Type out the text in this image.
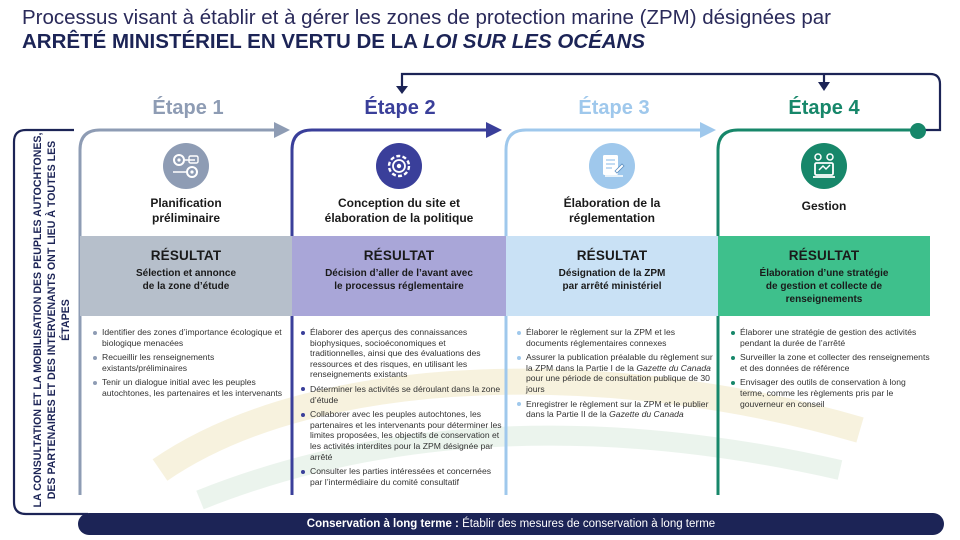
Processus visant à établir et à gérer les zones de protection marine (ZPM) désignées par
ARRÊTÉ MINISTÉRIEL EN VERTU DE LA LOI SUR LES OCÉANS
Étape 1	Étape 2	Étape 3	Étape 4
Planification
préliminaire
Conception du site et
élaboration de la politique
Élaboration de la
réglementation
Gestion
RÉSULTAT
Sélection et annonce
de la zone d’étude
RÉSULTAT
Décision d’aller de l’avant avec
le processus réglementaire
RÉSULTAT
Désignation de la ZPM
par arrêté ministériel
RÉSULTAT
Élaboration d’une stratégie
de gestion et collecte de
renseignements
Identifier des zones d’importance écologique et biologique menacées
Recueillir les renseignements existants/préliminaires
Tenir un dialogue initial avec les peuples autochtones, les partenaires et les intervenants
Élaborer des aperçus des connaissances biophysiques, socioéconomiques et traditionnelles, ainsi que des évaluations des ressources et des risques, en utilisant les renseignements existants
Déterminer les activités se déroulant dans la zone d’étude
Collaborer avec les peuples autochtones, les partenaires et les intervenants pour déterminer les limites proposées, les objectifs de conservation et les activités interdites pour la ZPM désignée par arrêté
Consulter les parties intéressées et concernées par l’intermédiaire du comité consultatif
Élaborer le règlement sur la ZPM et les documents réglementaires connexes
Assurer la publication préalable du règlement sur la ZPM dans la Partie I de la Gazette du Canada pour une période de consultation publique de 30 jours
Enregistrer le règlement sur la ZPM et le publier dans la Partie II de la Gazette du Canada
Élaborer une stratégie de gestion des activités pendant la durée de l’arrêté
Surveiller la zone et collecter des renseignements et des données de référence
Envisager des outils de conservation à long terme, comme les règlements pris par le gouverneur en conseil
LA CONSULTATION ET LA MOBILISATION DES PEUPLES AUTOCHTONES, DES PARTENAIRES ET DES INTERVENANTS ONT LIEU À TOUTES LES ÉTAPES
Conservation à long terme : Établir des mesures de conservation à long terme
